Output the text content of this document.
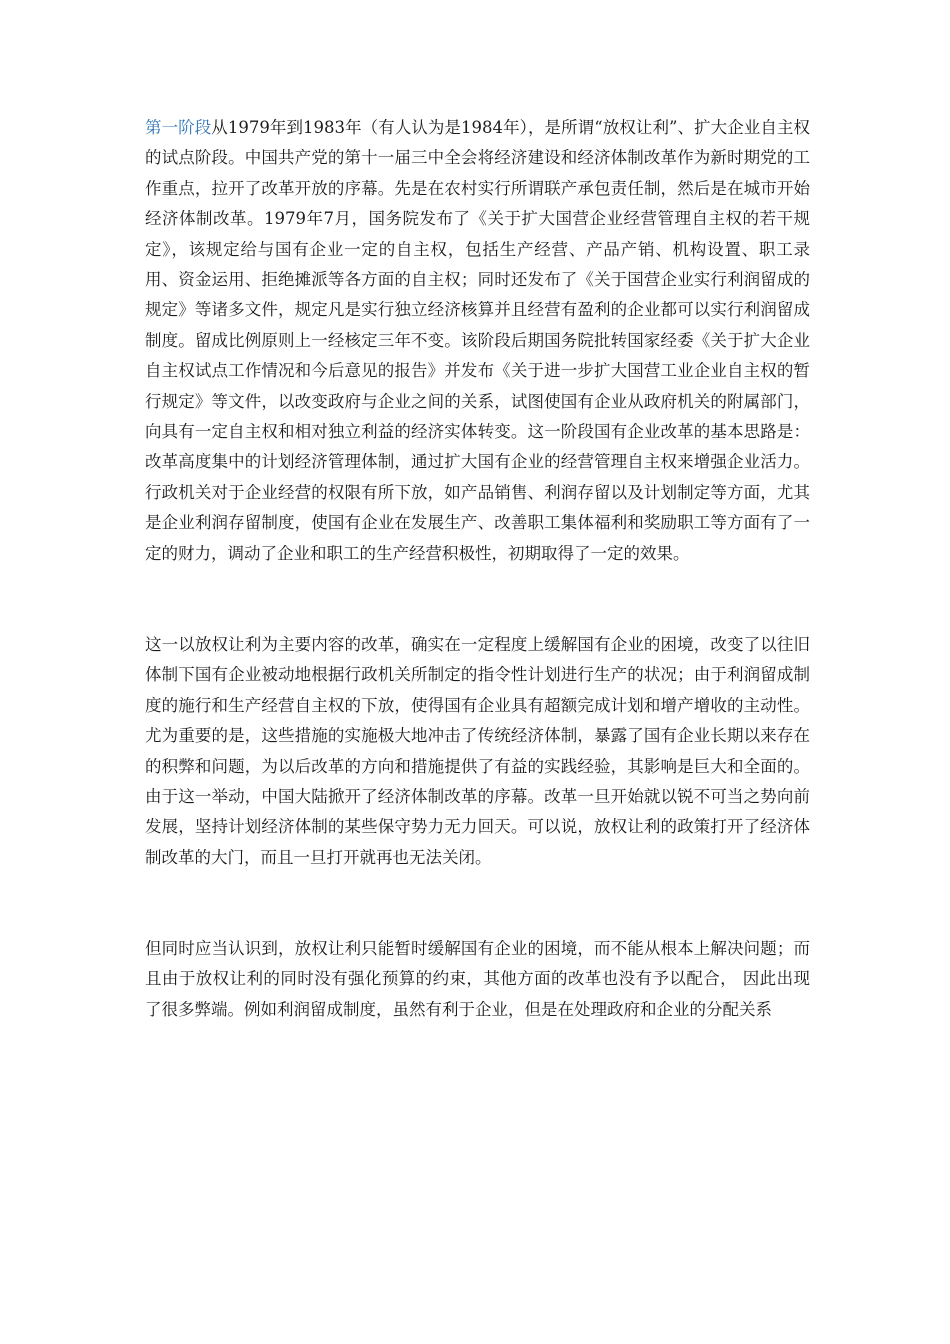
第一阶段从1979年到1983年（有人认为是1984年），是所谓“放权让利”、扩大企业自主权的试点阶段。中国共产党的第十一届三中全会将经济建设和经济体制改革作为新时期党的工作重点，拉开了改革开放的序幕。先是在农村实行所谓联产承包责任制，然后是在城市开始经济体制改革。1979年7月，国务院发布了《关于扩大国营企业经营管理自主权的若干规定》，该规定给与国有企业一定的自主权，包括生产经营、产品产销、机构设置、职工录用、资金运用、拒绝摊派等各方面的自主权；同时还发布了《关于国营企业实行利润留成的规定》等诸多文件，规定凡是实行独立经济核算并且经营有盈利的企业都可以实行利润留成制度。留成比例原则上一经核定三年不变。该阶段后期国务院批转国家经委《关于扩大企业自主权试点工作情况和今后意见的报告》并发布《关于进一步扩大国营工业企业自主权的暂行规定》等文件，以改变政府与企业之间的关系，试图使国有企业从政府机关的附属部门，向具有一定自主权和相对独立利益的经济实体转变。这一阶段国有企业改革的基本思路是：改革高度集中的计划经济管理体制，通过扩大国有企业的经营管理自主权来增强企业活力。行政机关对于企业经营的权限有所下放，如产品销售、利润存留以及计划制定等方面，尤其是企业利润存留制度，使国有企业在发展生产、改善职工集体福利和奖励职工等方面有了一定的财力，调动了企业和职工的生产经营积极性，初期取得了一定的效果。

这一以放权让利为主要内容的改革，确实在一定程度上缓解国有企业的困境，改变了以往旧体制下国有企业被动地根据行政机关所制定的指令性计划进行生产的状况；由于利润留成制度的施行和生产经营自主权的下放，使得国有企业具有超额完成计划和增产增收的主动性。尤为重要的是，这些措施的实施极大地冲击了传统经济体制，暴露了国有企业长期以来存在的积弊和问题，为以后改革的方向和措施提供了有益的实践经验，其影响是巨大和全面的。由于这一举动，中国大陆掀开了经济体制改革的序幕。改革一旦开始就以锐不可当之势向前发展，坚持计划经济体制的某些保守势力无力回天。可以说，放权让利的政策打开了经济体制改革的大门，而且一旦打开就再也无法关闭。

但同时应当认识到，放权让利只能暂时缓解国有企业的困境，而不能从根本上解决问题；而且由于放权让利的同时没有强化预算的约束，其他方面的改革也没有予以配合， 因此出现了很多弊端。例如利润留成制度，虽然有利于企业，但是在处理政府和企业的分配关系
